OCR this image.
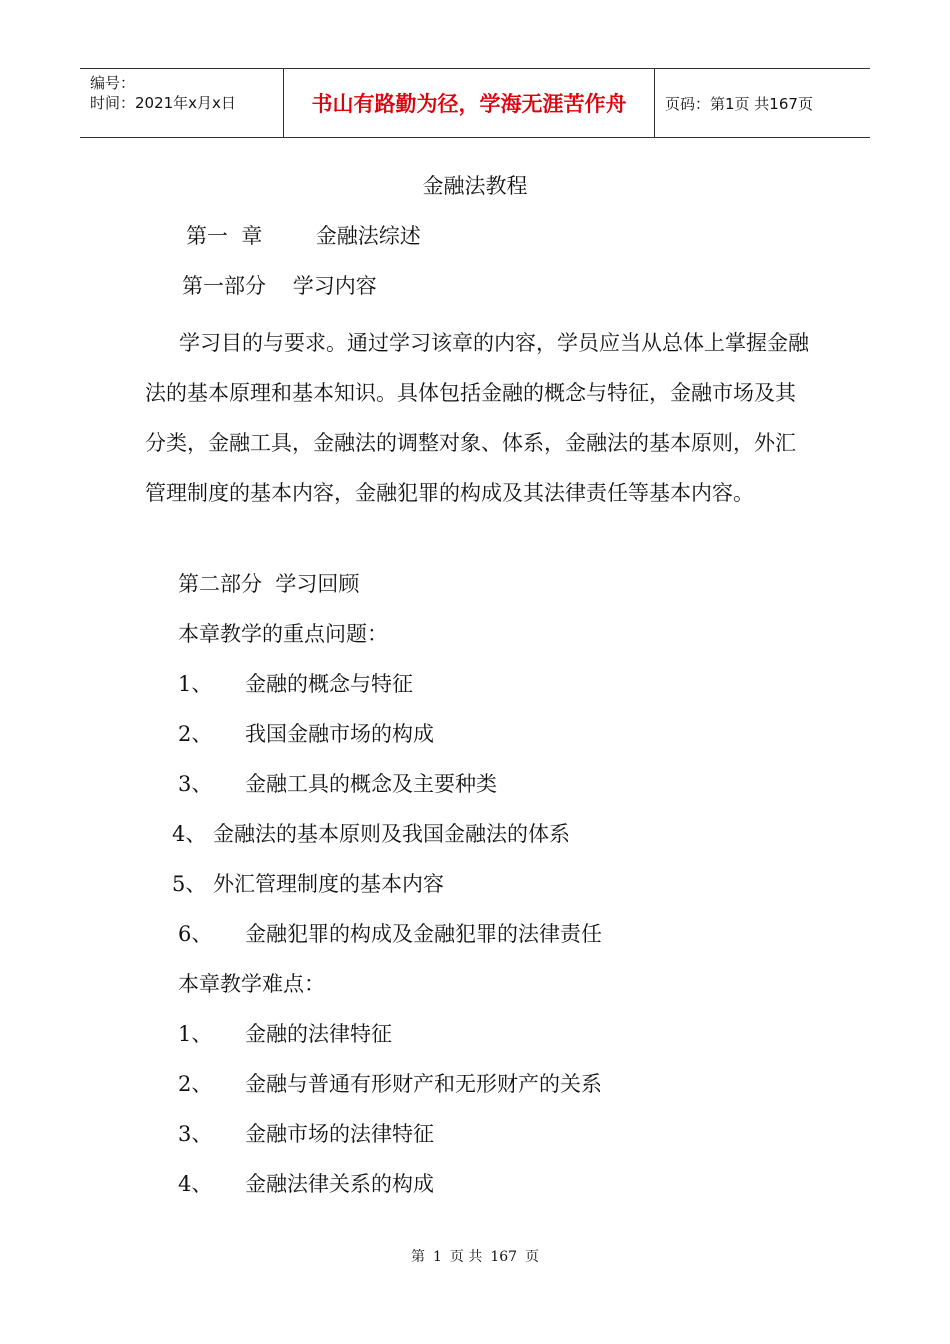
编号：
时间：2021年x月x日	书山有路勤为径，学海无涯苦作舟	页码：第1页 共167页
金融法教程
第一  章        金融法综述
第一部分    学习内容
学习目的与要求。通过学习该章的内容，学员应当从总体上掌握金融法的基本原理和基本知识。具体包括金融的概念与特征，金融市场及其分类，金融工具，金融法的调整对象、体系，金融法的基本原则，外汇管理制度的基本内容，金融犯罪的构成及其法律责任等基本内容。
第二部分  学习回顾
本章教学的重点问题：
1、 金融的概念与特征
2、 我国金融市场的构成
3、 金融工具的概念及主要种类
4、 金融法的基本原则及我国金融法的体系
5、 外汇管理制度的基本内容
6、 金融犯罪的构成及金融犯罪的法律责任
本章教学难点：
1、 金融的法律特征
2、 金融与普通有形财产和无形财产的关系
3、 金融市场的法律特征
4、 金融法律关系的构成
第 1 页 共 167 页
